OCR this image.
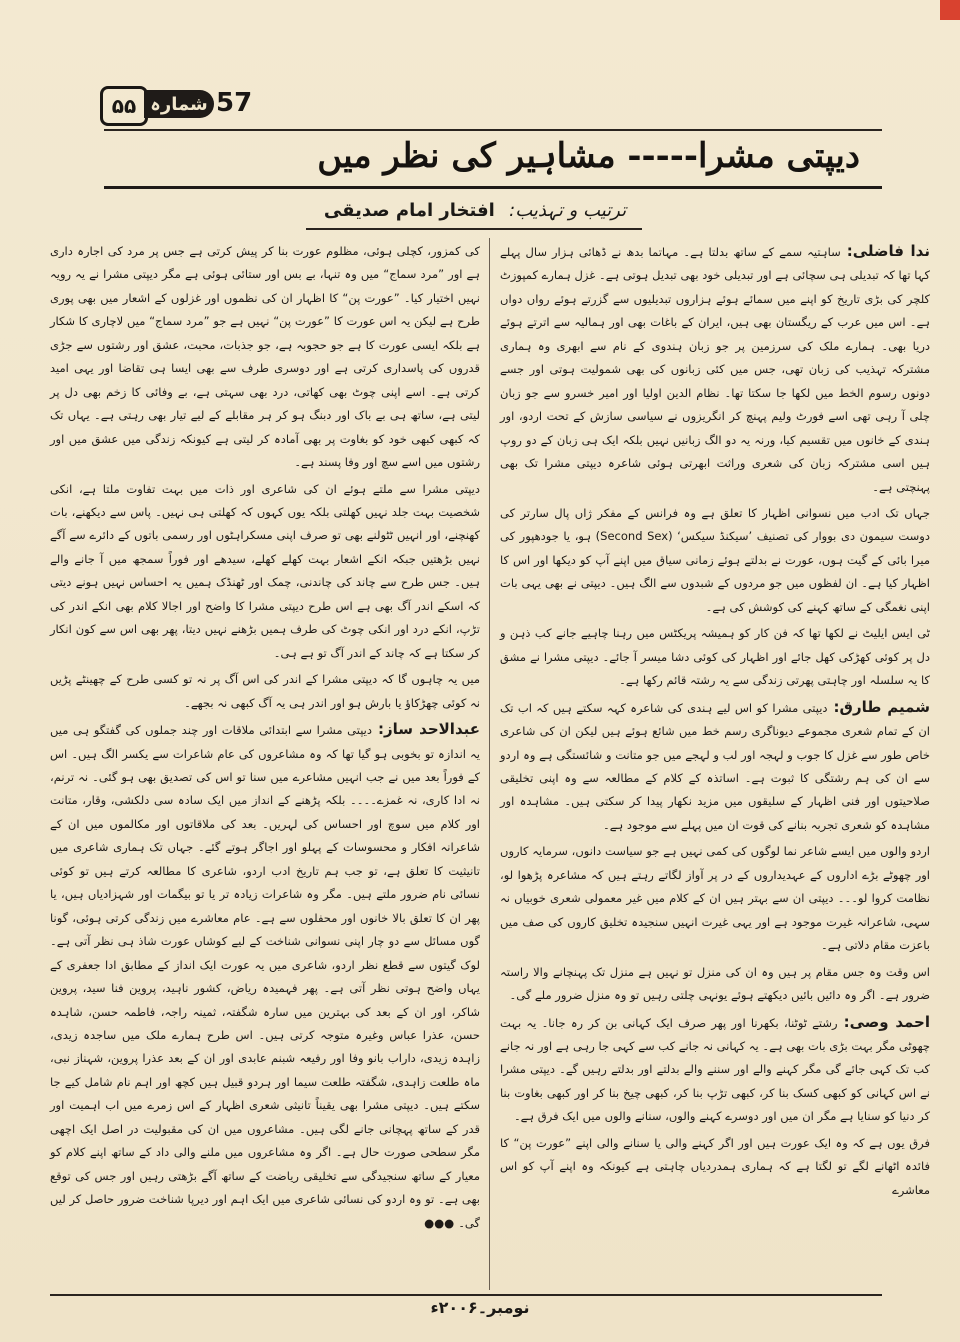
۵۵ شمارہ 57
دیپتی مشرا----- مشاہیر کی نظر میں
ترتیب و تہذیب: افتخار امام صدیقی

ندا فاضلی:ساہتیہ سمے کے ساتھ بدلتا ہے۔ مہاتما بدھ نے ڈھائی ہزار سال پہلے کہا تھا کہ تبدیلی ہی سچائی ہے اور تبدیلی خود بھی تبدیل ہوتی ہے۔ غزل ہمارے کمپوزٹ کلچر کی بڑی تاریخ کو اپنے میں سمائے ہوئے ہزاروں تبدیلیوں سے گزرتے ہوئے رواں دواں ہے۔ اس میں عرب کے ریگستان بھی ہیں، ایران کے باغات بھی اور ہمالیہ سے اترتے ہوئے دریا بھی۔ ہمارے ملک کی سرزمین پر جو زبان ہندوی کے نام سے ابھری وہ ہماری مشترکہ تہذیب کی زبان تھی، جس میں کئی زبانوں کی بھی شمولیت ہوتی اور جسے دونوں رسوم الخط میں لکھا جا سکتا تھا۔ نظام الدین اولیا اور امیر خسرو سے جو زبان چلی آ رہی تھی اسے فورٹ ولیم پہنچ کر انگریزوں نے سیاسی سازش کے تحت اردو، اور ہندی کے خانوں میں تقسیم کیا، ورنہ یہ دو الگ زبانیں نہیں بلکہ ایک ہی زبان کے دو روپ ہیں اسی مشترکہ زبان کی شعری وراثت ابھرتی ہوئی شاعرہ دیپتی مشرا تک بھی پہنچتی ہے۔

جہاں تک ادب میں نسوانی اظہار کا تعلق ہے وہ فرانس کے مفکر ژاں پال سارتر کی دوست سیمون دی بووار کی تصنیف ’سیکنڈ سیکس‘ (Second Sex) ہو، یا جودھپور کی میرا بائی کے گیت ہوں، عورت نے بدلتے ہوئے زمانی سیاق میں اپنے آپ کو دیکھا اور اس کا اظہار کیا ہے۔ ان لفظوں میں جو مردوں کے شبدوں سے الگ ہیں۔ دیپتی نے بھی یہی بات اپنی نغمگی کے ساتھ کہنے کی کوشش کی ہے۔

ٹی ایس ایلیٹ نے لکھا تھا کہ فن کار کو ہمیشہ پریکٹس میں رہنا چاہیے جانے کب ذہن و دل پر کوئی کھڑکی کھل جائے اور اظہار کی کوئی دشا میسر آ جائے۔ دیپتی مشرا نے مشق کا یہ سلسلہ اور چاہتی پھرتی زندگی سے یہ رشتہ قائم رکھا ہے۔

شمیم طارق:دیپتی مشرا کو اس لیے ہندی کی شاعرہ کہہ سکتے ہیں کہ اب تک ان کے تمام شعری مجموعے دیوناگری رسم خط میں شائع ہوئے ہیں لیکن ان کی شاعری خاص طور سے غزل کا جوب و لہجہ اور لب و لہجے میں جو متانت و شائستگی ہے وہ اردو سے ان کی ہم رشتگی کا ثبوت ہے۔ اساتذہ کے کلام کے مطالعہ سے وہ اپنی تخلیقی صلاحیتوں اور فنی اظہار کے سلیقوں میں مزید نکھار پیدا کر سکتی ہیں۔ مشاہدہ اور مشاہدہ کو شعری تجربہ بنانے کی قوت ان میں پہلے سے موجود ہے۔

اردو والوں میں ایسے شاعر نما لوگوں کی کمی نہیں ہے جو سیاست دانوں، سرمایہ کاروں اور چھوٹے بڑے اداروں کے عہدیداروں کے در پر آواز لگاتے رہتے ہیں کہ مشاعرہ پڑھوا لو، نظامت کروا لو۔۔۔ دیپتی ان سے بہتر ہیں ان کے کلام میں غیر معمولی شعری خوبیاں نہ سہی، شاعرانہ غیرت موجود ہے اور یہی غیرت انہیں سنجیدہ تخلیق کاروں کی صف میں باعزت مقام دلاتی ہے۔

اس وقت وہ جس مقام پر ہیں وہ ان کی منزل تو نہیں ہے منزل تک پہنچانے والا راستہ ضرور ہے۔ اگر وہ دائیں بائیں دیکھتے ہوئے یونہی چلتی رہیں تو وہ منزل ضرور ملے گی۔

احمد وصی:رشتے ٹوٹنا، بکھرنا اور پھر صرف ایک کہانی بن کر رہ جانا۔ یہ بہت چھوٹی مگر بہت بڑی بات بھی ہے۔ یہ کہانی نہ جانے کب سے کہی جا رہی ہے اور نہ جانے کب تک کہی جائے گی مگر کہنے والے اور سننے والے بدلتے اور بدلتے رہیں گے۔ دیپتی مشرا نے اس کہانی کو کبھی کسک بنا کر، کبھی تڑپ بنا کر، کبھی چیخ بنا کر اور کبھی بغاوت بنا کر دنیا کو سنایا ہے مگر ان میں اور دوسرے کہنے والوں، سنانے والوں میں ایک فرق ہے۔

فرق یوں ہے کہ وہ ایک عورت ہیں اور اگر کہنے والی یا سنانے والی اپنے ”عورت پن“ کا فائدہ اٹھانے لگے تو لگتا ہے کہ ہماری ہمدردیاں چاہتی ہے کیونکہ وہ اپنے آپ کو اس معاشرے

کی کمزور، کچلی ہوئی، مظلوم عورت بنا کر پیش کرتی ہے جس پر مرد کی اجارہ داری ہے اور ”مرد سماج“ میں وہ تنہا، بے بس اور ستائی ہوئی ہے مگر دیپتی مشرا نے یہ رویہ نہیں اختیار کیا۔ ”عورت پن“ کا اظہار ان کی نظموں اور غزلوں کے اشعار میں بھی پوری طرح ہے لیکن یہ اس عورت کا ”عورت پن“ نہیں ہے جو ”مرد سماج“ میں لاچاری کا شکار ہے بلکہ ایسی عورت کا ہے جو حجوبہ ہے، جو جذبات، محبت، عشق اور رشتوں سے جڑی قدروں کی پاسداری کرتی ہے اور دوسری طرف سے بھی ایسا ہی تقاضا اور یہی امید کرتی ہے۔ اسے اپنی چوٹ بھی کھاتی، درد بھی سہتی ہے، بے وفائی کا زخم بھی دل پر لیتی ہے، ساتھ ہی بے باک اور دبنگ ہو کر ہر مقابلے کے لیے تیار بھی رہتی ہے۔ یہاں تک کہ کبھی کبھی خود کو بغاوت پر بھی آمادہ کر لیتی ہے کیونکہ زندگی میں عشق میں اور رشتوں میں اسے سچ اور وفا پسند ہے۔

دیپتی مشرا سے ملتے ہوئے ان کی شاعری اور ذات میں بہت تفاوت ملتا ہے، انکی شخصیت بہت جلد نہیں کھلتی بلکہ یوں کہوں کہ کھلتی ہی نہیں۔ پاس سے دیکھنے، بات کھنچنے، اور انہیں ٹٹولنے بھی تو صرف اپنی مسکراہٹوں اور رسمی باتوں کے دائرے سے آگے نہیں بڑھتیں جبکہ انکے اشعار بہت کھلے کھلے، سیدھے اور فوراً سمجھ میں آ جانے والے ہیں۔ جس طرح سے چاند کی چاندنی، چمک اور ٹھنڈک ہمیں یہ احساس نہیں ہونے دیتی کہ اسکے اندر آگ بھی ہے اس طرح دیپتی مشرا کا واضح اور اجالا کلام بھی انکے اندر کی تڑپ، انکے درد اور انکی چوٹ کی طرف ہمیں بڑھنے نہیں دیتا، پھر بھی اس سے کون انکار کر سکتا ہے کہ چاند کے اندر آگ تو ہے ہی۔

میں یہ چاہوں گا کہ دیپتی مشرا کے اندر کی اس آگ پر نہ تو کسی طرح کے چھینٹے پڑیں نہ کوئی چھڑکاؤ یا بارش ہو اور اندر ہی یہ آگ کبھی نہ بجھے۔

عبدالاحد ساز:دیپتی مشرا سے ابتدائی ملاقات اور چند جملوں کی گفتگو ہی میں یہ اندازہ تو بخوبی ہو گیا تھا کہ وہ مشاعروں کی عام شاعرات سے یکسر الگ ہیں۔ اس کے فوراً بعد میں نے جب انہیں مشاعرے میں سنا تو اس کی تصدیق بھی ہو گئی۔ نہ ترنم، نہ ادا کاری، نہ غمزے۔۔۔۔ بلکہ پڑھنے کے انداز میں ایک سادہ سی دلکشی، وقار، متانت اور کلام میں سوچ اور احساس کی لہریں۔ بعد کی ملاقاتوں اور مکالموں میں ان کے شاعرانہ افکار و محسوسات کے پہلو اور اجاگر ہوتے گئے۔ جہاں تک ہماری شاعری میں تانیثیت کا تعلق ہے، تو جب ہم تاریخ ادب اردو، شاعری کا مطالعہ کرتے ہیں تو کوئی نسائی نام ضرور ملتے ہیں۔ مگر وہ شاعرات زیادہ تر یا تو بیگمات اور شہزادیاں ہیں، یا پھر ان کا تعلق بالا خانوں اور محفلوں سے ہے۔ عام معاشرے میں زندگی کرتی ہوئی، گونا گوں مسائل سے دو چار اپنی نسوانی شناخت کے لیے کوشاں عورت شاذ ہی نظر آتی ہے۔ لوک گیتوں سے قطع نظر اردو، شاعری میں یہ عورت ایک انداز کے مطابق ادا جعفری کے یہاں واضح ہوتی نظر آتی ہے۔ پھر فہمیدہ ریاض، کشور ناہید، پروین فنا سید، پروین شاکر، اور ان کے بعد کی بہترین میں سارہ شگفتہ، ثمینہ راجہ، فاطمہ حسن، شاہدہ حسن، عذرا عباس وغیرہ متوجہ کرتی ہیں۔ اس طرح ہمارے ملک میں ساجدہ زیدی، زاہدہ زیدی، داراب بانو وفا اور رفیعہ شبنم عابدی اور ان کے بعد عذرا پروین، شہناز نبی، ماہ طلعت زاہدی، شگفتہ طلعت سیما اور ہردو قبیل ہیں کچھ اور اہم نام شامل کیے جا سکتے ہیں۔ دیپتی مشرا بھی یقیناً تانیثی شعری اظہار کے اس زمرے میں اب اہمیت اور قدر کے ساتھ پہچانی جانے لگی ہیں۔ مشاعروں میں ان کی مقبولیت در اصل ایک اچھی مگر سطحی صورت حال ہے۔ اگر وہ مشاعروں میں ملنے والی داد کے ساتھ اپنے کلام کو معیار کے ساتھ سنجیدگی سے تخلیقی ریاضت کے ساتھ آگے بڑھتی رہیں اور جس کی توقع بھی ہے۔ تو وہ اردو کی نسائی شاعری میں ایک اہم اور دیرپا شناخت ضرور حاصل کر لیں گی۔ ●●●

نومبر۔۲۰۰۶ء
